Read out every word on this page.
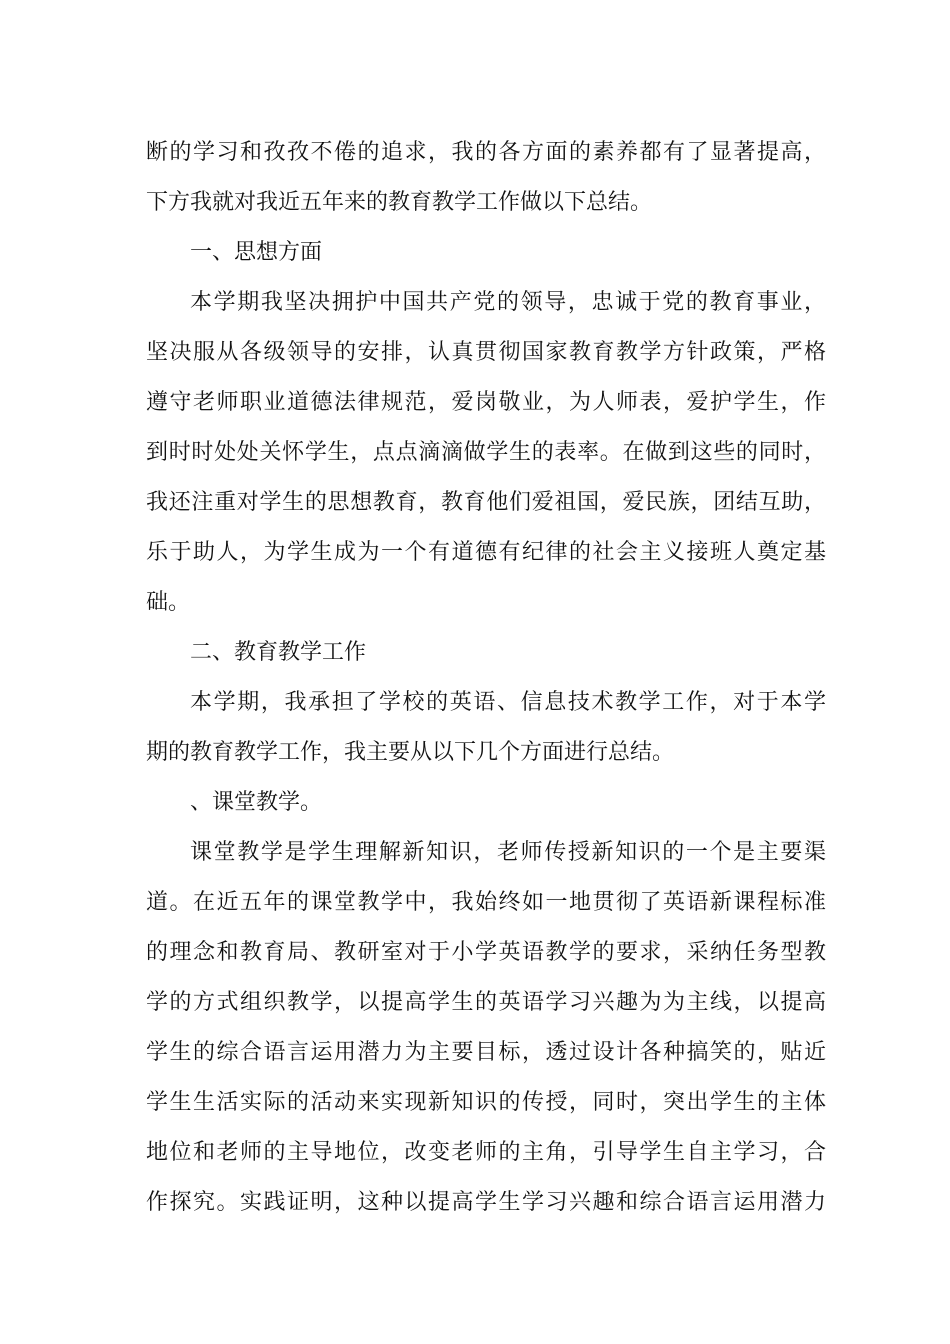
断的学习和孜孜不倦的追求，我的各方面的素养都有了显著提高，
下方我就对我近五年来的教育教学工作做以下总结。
一、思想方面
本学期我坚决拥护中国共产党的领导，忠诚于党的教育事业，
坚决服从各级领导的安排，认真贯彻国家教育教学方针政策，严格
遵守老师职业道德法律规范，爱岗敬业，为人师表，爱护学生，作
到时时处处关怀学生，点点滴滴做学生的表率。在做到这些的同时，
我还注重对学生的思想教育，教育他们爱祖国，爱民族，团结互助，
乐于助人，为学生成为一个有道德有纪律的社会主义接班人奠定基
础。
二、教育教学工作
本学期，我承担了学校的英语、信息技术教学工作，对于本学
期的教育教学工作，我主要从以下几个方面进行总结。
、课堂教学。
课堂教学是学生理解新知识，老师传授新知识的一个是主要渠
道。在近五年的课堂教学中，我始终如一地贯彻了英语新课程标准
的理念和教育局、教研室对于小学英语教学的要求，采纳任务型教
学的方式组织教学，以提高学生的英语学习兴趣为为主线，以提高
学生的综合语言运用潜力为主要目标，透过设计各种搞笑的，贴近
学生生活实际的活动来实现新知识的传授，同时，突出学生的主体
地位和老师的主导地位，改变老师的主角，引导学生自主学习，合
作探究。实践证明，这种以提高学生学习兴趣和综合语言运用潜力
